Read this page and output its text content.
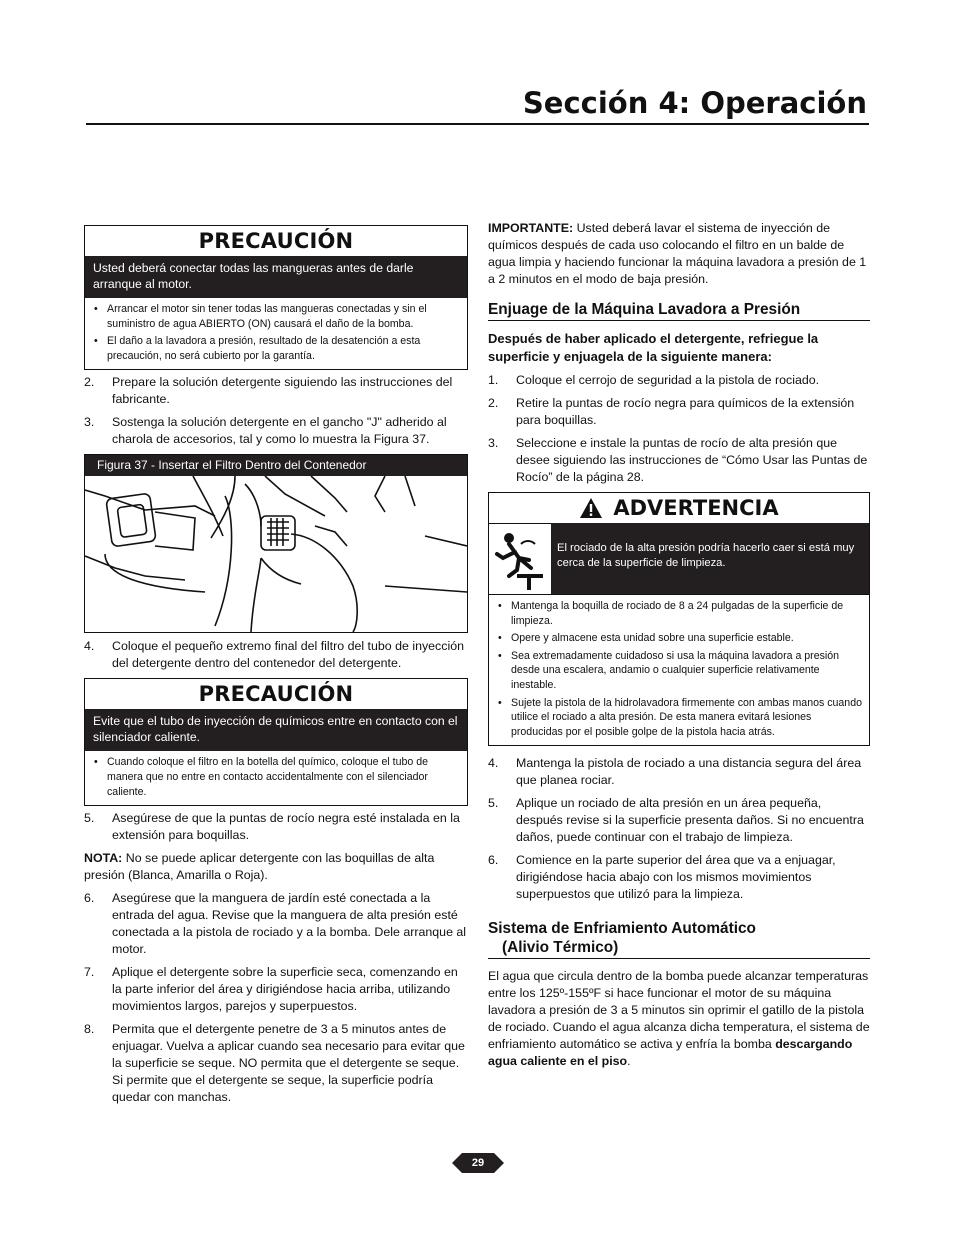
Sección 4: Operación
PRECAUCIÓN
Usted deberá conectar todas las mangueras antes de darle arranque al motor.
• Arrancar el motor sin tener todas las mangueras conectadas y sin el suministro de agua ABIERTO (ON) causará el daño de la bomba.
• El daño a la lavadora a presión, resultado de la desatención a esta precaución, no será cubierto por la garantía.
2. Prepare la solución detergente siguiendo las instrucciones del fabricante.
3. Sostenga la solución detergente en el gancho "J" adherido al charola de accesorios, tal y como lo muestra la Figura 37.
Figura 37 - Insertar el Filtro Dentro del Contenedor
4. Coloque el pequeño extremo final del filtro del tubo de inyección del detergente dentro del contenedor del detergente.
PRECAUCIÓN
Evite que el tubo de inyección de químicos entre en contacto con el silenciador caliente.
• Cuando coloque el filtro en la botella del químico, coloque el tubo de manera que no entre en contacto accidentalmente con el silenciador caliente.
5. Asegúrese de que la puntas de rocío negra esté instalada en la extensión para boquillas.

NOTA: No se puede aplicar detergente con las boquillas de alta presión (Blanca, Amarilla o Roja).

6. Asegúrese que la manguera de jardín esté conectada a la entrada del agua. Revise que la manguera de alta presión esté conectada a la pistola de rociado y a la bomba. Dele arranque al motor.
7. Aplique el detergente sobre la superficie seca, comenzando en la parte inferior del área y dirigiéndose hacia arriba, utilizando movimientos largos, parejos y superpuestos.
8. Permita que el detergente penetre de 3 a 5 minutos antes de enjuagar. Vuelva a aplicar cuando sea necesario para evitar que la superficie se seque. NO permita que el detergente se seque. Si permite que el detergente se seque, la superficie podría quedar con manchas.

IMPORTANTE: Usted deberá lavar el sistema de inyección de químicos después de cada uso colocando el filtro en un balde de agua limpia y haciendo funcionar la máquina lavadora a presión de 1 a 2 minutos en el modo de baja presión.

Enjuage de la Máquina Lavadora a Presión

Después de haber aplicado el detergente, refriegue la superficie y enjuagela de la siguiente manera:

1. Coloque el cerrojo de seguridad a la pistola de rociado.
2. Retire la puntas de rocío negra para químicos de la extensión para boquillas.
3. Seleccione e instale la puntas de rocío de alta presión que desee siguiendo las instrucciones de “Cómo Usar las Puntas de Rocío” de la página 28.
ADVERTENCIA
El rociado de la alta presión podría hacerlo caer si está muy cerca de la superficie de limpieza.
• Mantenga la boquilla de rociado de 8 a 24 pulgadas de la superficie de limpieza.
• Opere y almacene esta unidad sobre una superficie estable.
• Sea extremadamente cuidadoso si usa la máquina lavadora a presión desde una escalera, andamio o cualquier superficie relativamente inestable.
• Sujete la pistola de la hidrolavadora firmemente con ambas manos cuando utilice el rociado a alta presión. De esta manera evitará lesiones producidas por el posible golpe de la pistola hacia atrás.
4. Mantenga la pistola de rociado a una distancia segura del área que planea rociar.
5. Aplique un rociado de alta presión en un área pequeña, después revise si la superficie presenta daños. Si no encuentra daños, puede continuar con el trabajo de limpieza.
6. Comience en la parte superior del área que va a enjuagar, dirigiéndose hacia abajo con los mismos movimientos superpuestos que utilizó para la limpieza.
Sistema de Enfriamiento Automático
(Alivio Térmico)

El agua que circula dentro de la bomba puede alcanzar temperaturas entre los 125º-155ºF si hace funcionar el motor de su máquina lavadora a presión de 3 a 5 minutos sin oprimir el gatillo de la pistola de rociado. Cuando el agua alcanza dicha temperatura, el sistema de enfriamiento automático se activa y enfría la bomba descargando agua caliente en el piso.

29
